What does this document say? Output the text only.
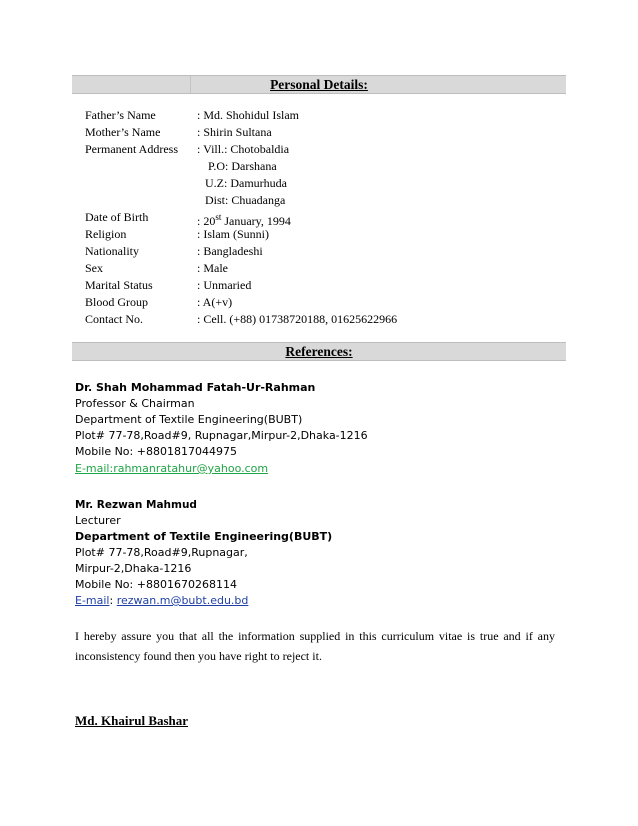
Personal Details:
Father’s Name	: Md. Shohidul Islam
Mother’s Name	: Shirin Sultana
Permanent Address	: Vill.: Chotobaldia
P.O: Darshana
U.Z: Damurhuda
Dist: Chuadanga
Date of Birth	: 20st January, 1994
Religion	: Islam (Sunni)
Nationality	: Bangladeshi
Sex	: Male
Marital Status	: Unmaried
Blood Group	: A(+v)
Contact No.	: Cell. (+88) 01738720188, 01625622966
References:
Dr. Shah Mohammad Fatah-Ur-Rahman
Professor & Chairman
Department of Textile Engineering(BUBT)
Plot# 77-78,Road#9, Rupnagar,Mirpur-2,Dhaka-1216
Mobile No: +8801817044975
E-mail:rahmanratahur@yahoo.com
Mr. Rezwan Mahmud
Lecturer
Department of Textile Engineering(BUBT)
Plot# 77-78,Road#9,Rupnagar,
Mirpur-2,Dhaka-1216
Mobile No: +8801670268114
E-mail: rezwan.m@bubt.edu.bd
I hereby assure you that all the information supplied in this curriculum vitae is true and if any inconsistency found then you have right to reject it.
Md. Khairul Bashar
